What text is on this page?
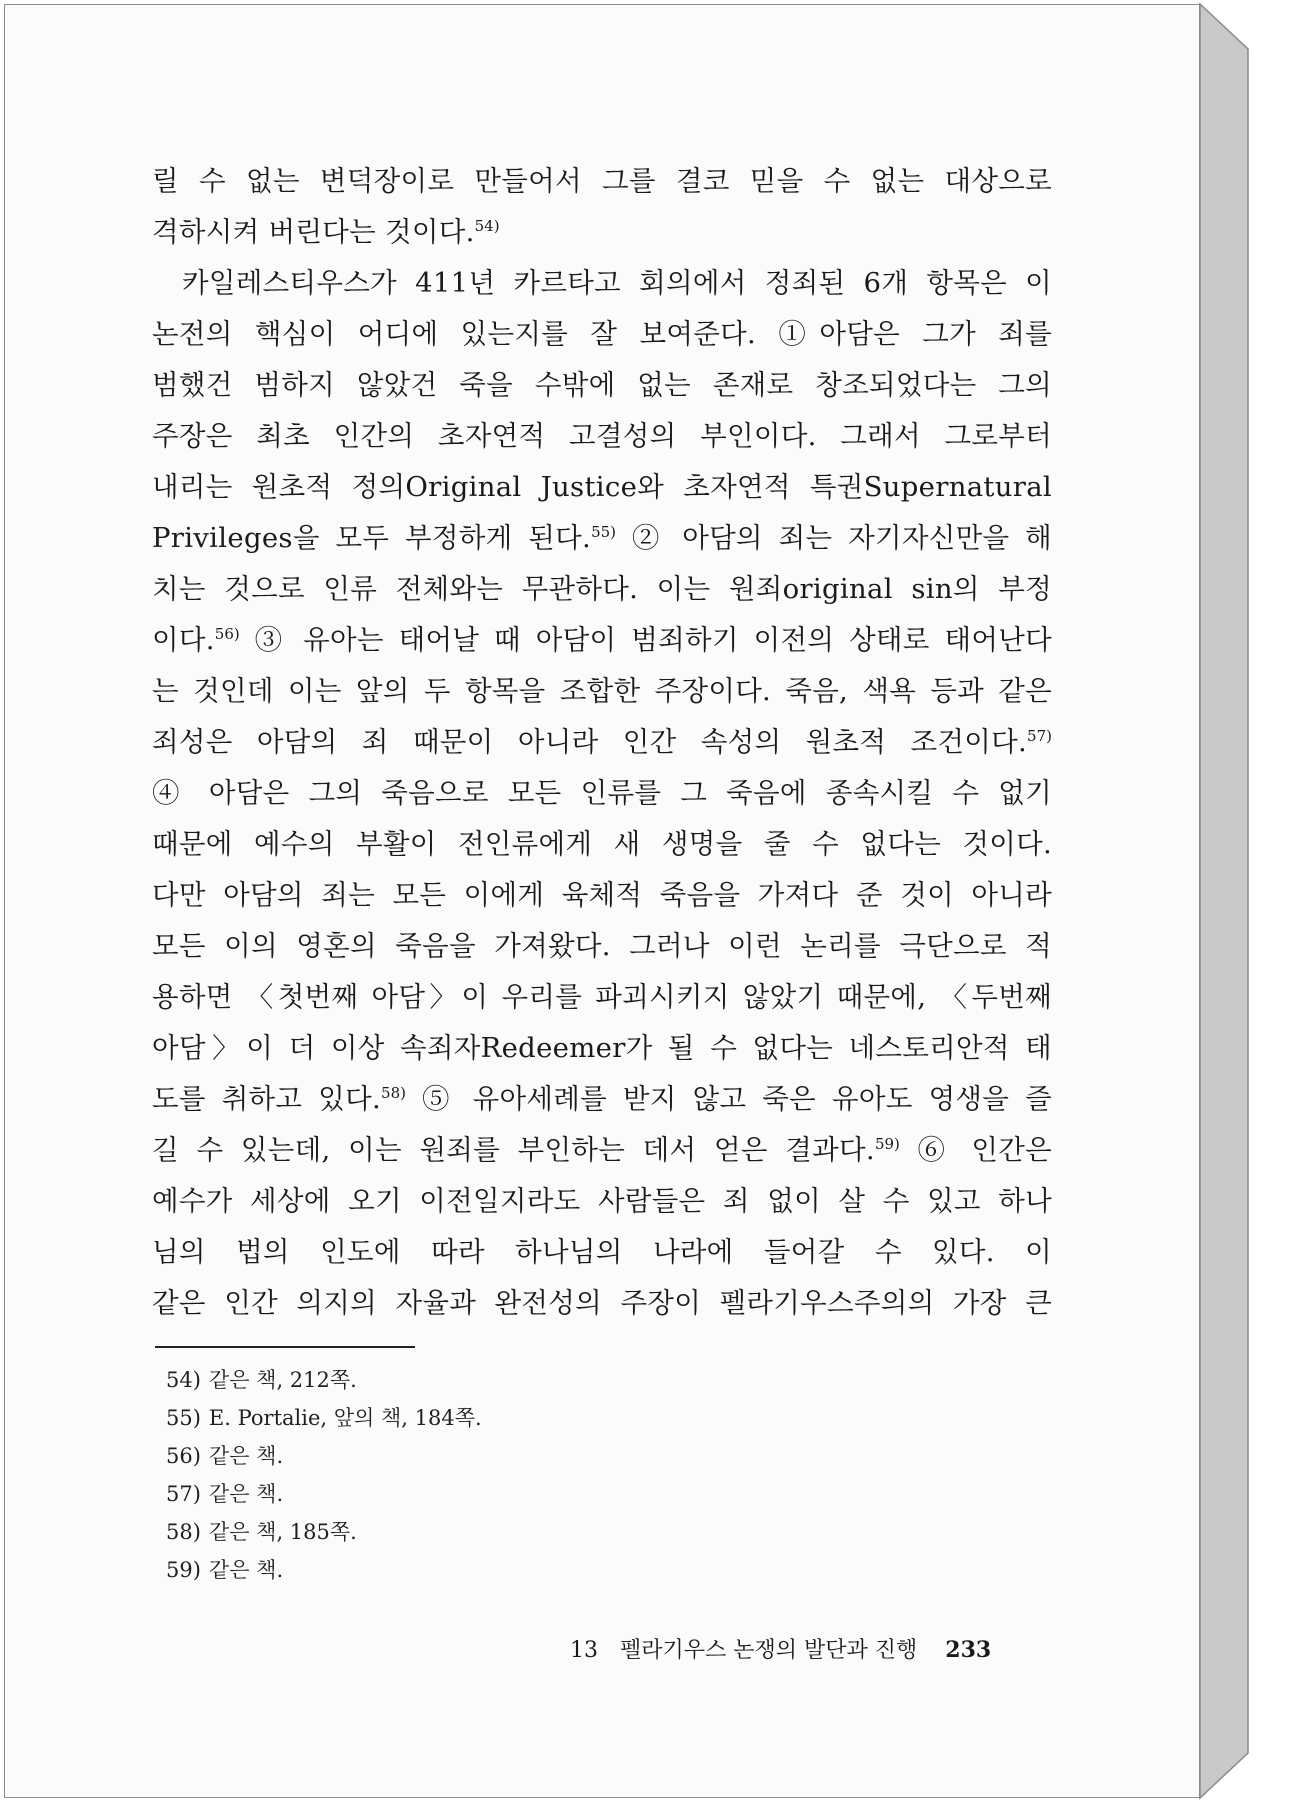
릴 수 없는 변덕장이로 만들어서 그를 결코 믿을 수 없는 대상으로
격하시켜 버린다는 것이다.$^{54)}$
카일레스티우스가 411년 카르타고 회의에서 정죄된 6개 항목은 이
논전의 핵심이 어디에 있는지를 잘 보여준다. ①아담은 그가 죄를
범했건 범하지 않았건 죽을 수밖에 없는 존재로 창조되었다는 그의
주장은 최초 인간의 초자연적 고결성의 부인이다. 그래서 그로부터
내리는 원초적 정의Original Justice와 초자연적 특권Supernatural
Privileges을 모두 부정하게 된다.$^{55)}$ ② 아담의 죄는 자기자신만을 해
치는 것으로 인류 전체와는 무관하다. 이는 원죄original sin의 부정
이다.$^{56)}$ ③ 유아는 태어날 때 아담이 범죄하기 이전의 상태로 태어난다
는 것인데 이는 앞의 두 항목을 조합한 주장이다. 죽음, 색욕 등과 같은
죄성은 아담의 죄 때문이 아니라 인간 속성의 원초적 조건이다.$^{57)}$
④ 아담은 그의 죽음으로 모든 인류를 그 죽음에 종속시킬 수 없기
때문에 예수의 부활이 전인류에게 새 생명을 줄 수 없다는 것이다.
다만 아담의 죄는 모든 이에게 육체적 죽음을 가져다 준 것이 아니라
모든 이의 영혼의 죽음을 가져왔다. 그러나 이런 논리를 극단으로 적
용하면 〈첫번째 아담〉이 우리를 파괴시키지 않았기 때문에, 〈두번째
아담〉이 더 이상 속죄자Redeemer가 될 수 없다는 네스토리안적 태
도를 취하고 있다.$^{58)}$ ⑤ 유아세례를 받지 않고 죽은 유아도 영생을 즐
길 수 있는데, 이는 원죄를 부인하는 데서 얻은 결과다.$^{59)}$ ⑥ 인간은
예수가 세상에 오기 이전일지라도 사람들은 죄 없이 살 수 있고 하나
님의 법의 인도에 따라 하나님의 나라에 들어갈 수 있다. 이
같은 인간 의지의 자율과 완전성의 주장이 펠라기우스주의의 가장 큰
54) 같은 책, 212쪽.
55) E. Portalie, 앞의 책, 184쪽.
56) 같은 책.
57) 같은 책.
58) 같은 책, 185쪽.
59) 같은 책.
13 펠라기우스 논쟁의 발단과 진행 233
